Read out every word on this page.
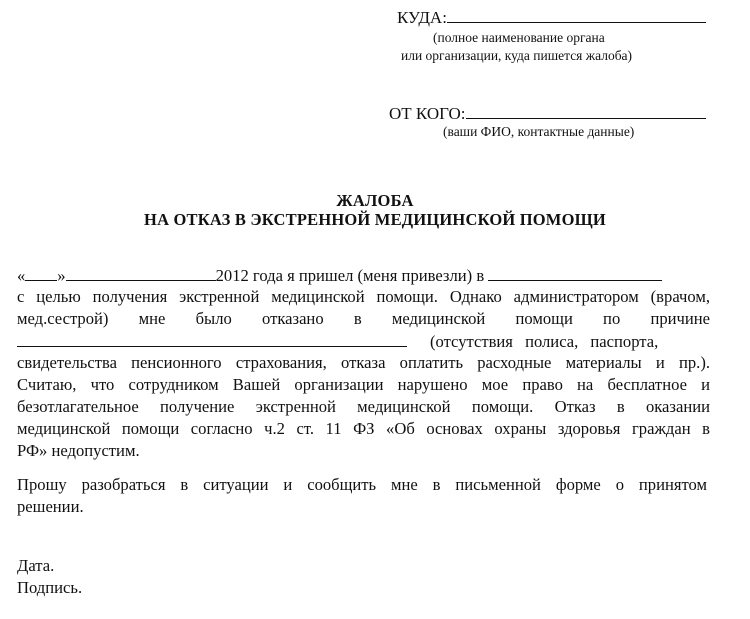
КУДА:
(полное наименование органа
или организации, куда пишется жалоба)
ОТ КОГО:
(ваши ФИО, контактные данные)
ЖАЛОБА
НА ОТКАЗ В ЭКСТРЕННОЙ МЕДИЦИНСКОЙ ПОМОЩИ
« »	2012 года я пришел (меня привезли) в
с целью получения экстренной медицинской помощи. Однако администратором (врачом,
мед.сестрой) мне было отказано в медицинской помощи по причине
(отсутствия полиса, паспорта,
свидетельства пенсионного страхования, отказа оплатить расходные материалы и пр.).
Считаю, что сотрудником Вашей организации нарушено мое право на бесплатное и
безотлагательное получение экстренной медицинской помощи. Отказ в оказании
медицинской помощи согласно ч.2 ст. 11 ФЗ «Об основах охраны здоровья граждан в
РФ» недопустим.
Прошу разобраться в ситуации и сообщить мне в письменной форме о принятом
решении.
Дата.
Подпись.
